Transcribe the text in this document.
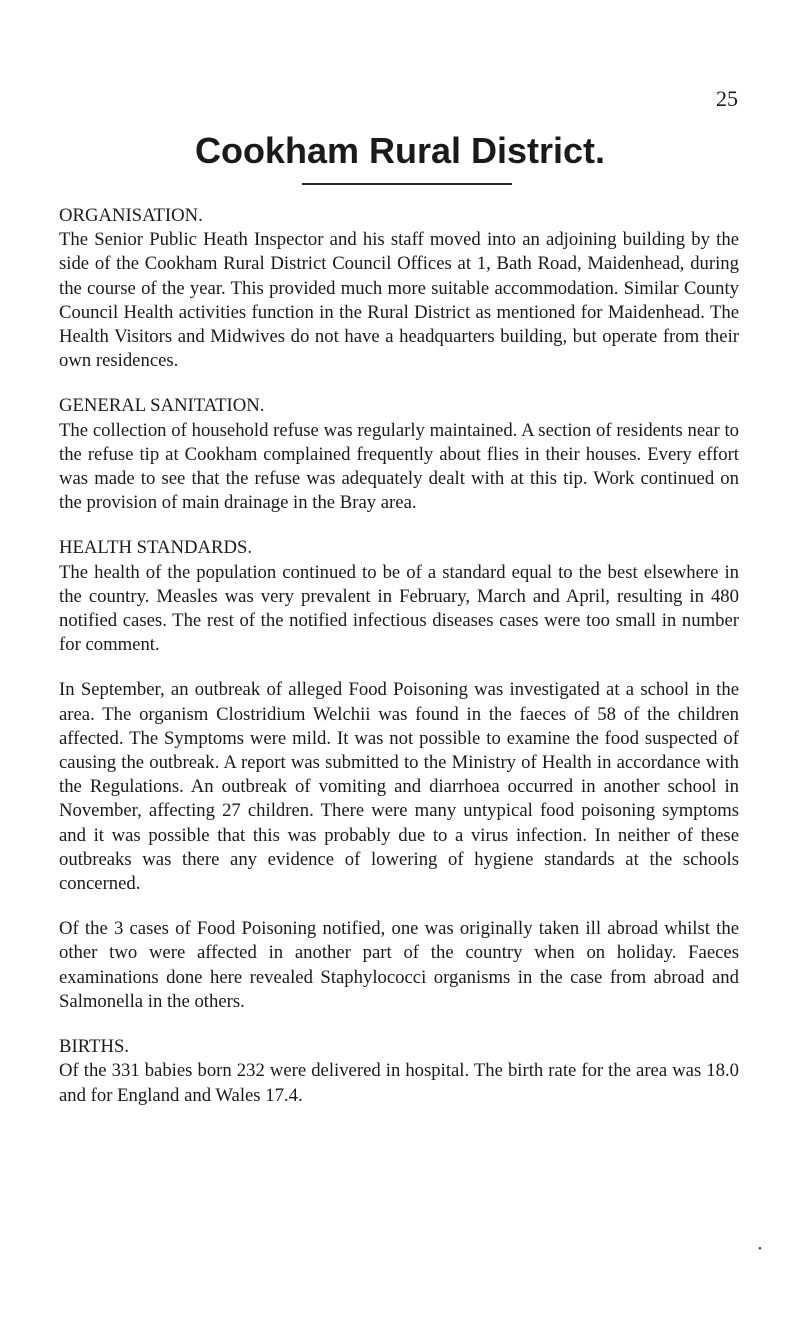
25
Cookham Rural District.
ORGANISATION.

The Senior Public Heath Inspector and his staff moved into an adjoining building by the side of the Cookham Rural District Council Offices at 1, Bath Road, Maidenhead, during the course of the year. This provided much more suitable accommodation. Similar County Council Health activities function in the Rural District as mentioned for Maidenhead. The Health Visitors and Midwives do not have a headquarters building, but operate from their own residences.

GENERAL SANITATION.

The collection of household refuse was regularly maintained. A section of residents near to the refuse tip at Cookham complained frequently about flies in their houses. Every effort was made to see that the refuse was adequately dealt with at this tip. Work continued on the provision of main drainage in the Bray area.

HEALTH STANDARDS.

The health of the population continued to be of a standard equal to the best elsewhere in the country. Measles was very prevalent in February, March and April, resulting in 480 notified cases. The rest of the notified infectious diseases cases were too small in number for comment.

In September, an outbreak of alleged Food Poisoning was investigated at a school in the area. The organism Clostridium Welchii was found in the faeces of 58 of the children affected. The Symptoms were mild. It was not possible to examine the food suspected of causing the outbreak. A report was submitted to the Ministry of Health in accordance with the Regulations. An outbreak of vomiting and diarrhoea occurred in another school in November, affecting 27 children. There were many untypical food poisoning symptoms and it was possible that this was probably due to a virus infection. In neither of these outbreaks was there any evidence of lowering of hygiene standards at the schools concerned.

Of the 3 cases of Food Poisoning notified, one was originally taken ill abroad whilst the other two were affected in another part of the country when on holiday. Faeces examinations done here revealed Staphylococci organisms in the case from abroad and Salmonella in the others.

BIRTHS.

Of the 331 babies born 232 were delivered in hospital. The birth rate for the area was 18.0 and for England and Wales 17.4.

•
